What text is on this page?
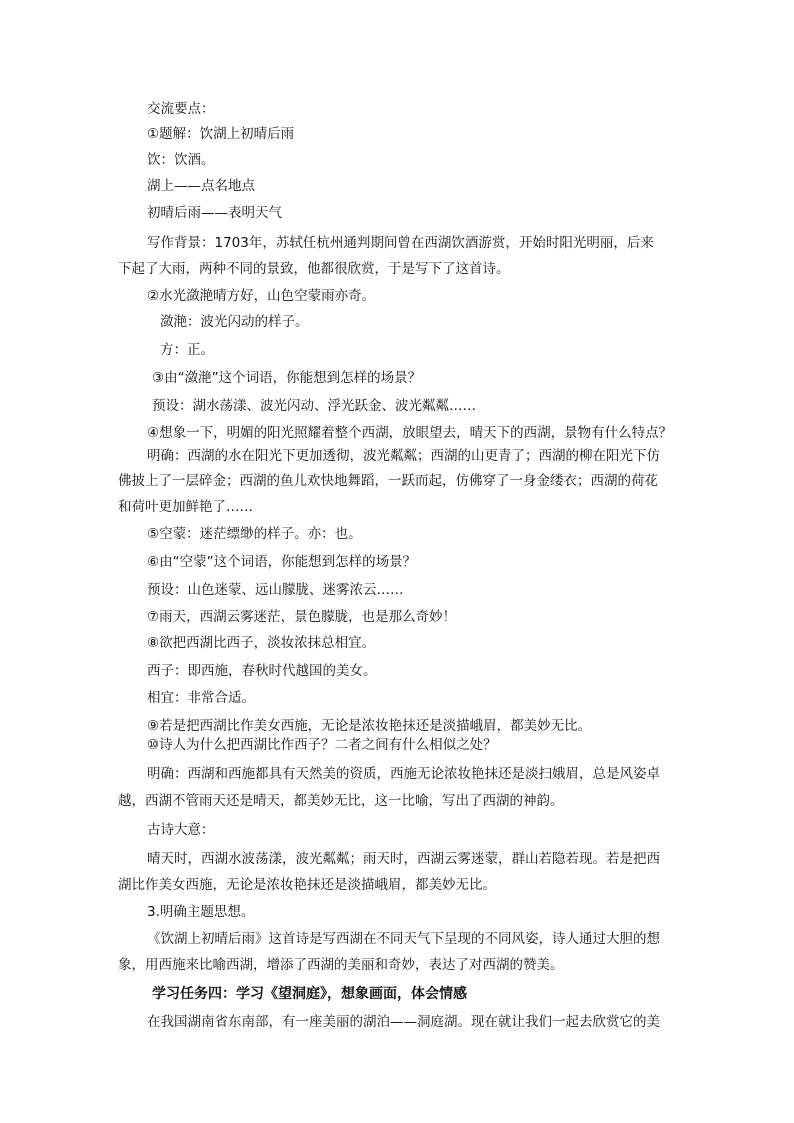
交流要点：
①题解：饮湖上初晴后雨
饮：饮酒。
湖上——点名地点
初晴后雨——表明天气
写作背景：1703年，苏轼任杭州通判期间曾在西湖饮酒游赏，开始时阳光明丽，后来
下起了大雨，两种不同的景致，他都很欣赏，于是写下了这首诗。
②水光潋滟晴方好，山色空蒙雨亦奇。
潋滟：波光闪动的样子。
方：正。
③由“潋滟”这个词语，你能想到怎样的场景？
预设：湖水荡漾、波光闪动、浮光跃金、波光粼粼……
④想象一下，明媚的阳光照耀着整个西湖，放眼望去，晴天下的西湖，景物有什么特点？
明确：西湖的水在阳光下更加透彻，波光粼粼；西湖的山更青了；西湖的柳在阳光下仿
佛披上了一层碎金；西湖的鱼儿欢快地舞蹈，一跃而起，仿佛穿了一身金缕衣；西湖的荷花
和荷叶更加鲜艳了……
⑤空蒙：迷茫缥缈的样子。亦：也。
⑥由“空蒙”这个词语，你能想到怎样的场景？
预设：山色迷蒙、远山朦胧、迷雾浓云……
⑦雨天，西湖云雾迷茫，景色朦胧，也是那么奇妙！
⑧欲把西湖比西子，淡妆浓抹总相宜。
西子：即西施，春秋时代越国的美女。
相宜：非常合适。
⑨若是把西湖比作美女西施，无论是浓妆艳抹还是淡描峨眉，都美妙无比。
⑩诗人为什么把西湖比作西子？二者之间有什么相似之处？
明确：西湖和西施都具有天然美的资质，西施无论浓妆艳抹还是淡扫娥眉，总是风姿卓
越，西湖不管雨天还是晴天，都美妙无比，这一比喻，写出了西湖的神韵。
古诗大意：
晴天时，西湖水波荡漾，波光粼粼；雨天时，西湖云雾迷蒙，群山若隐若现。若是把西
湖比作美女西施，无论是浓妆艳抹还是淡描峨眉，都美妙无比。
3.明确主题思想。
《饮湖上初晴后雨》这首诗是写西湖在不同天气下呈现的不同风姿，诗人通过大胆的想
象，用西施来比喻西湖，增添了西湖的美丽和奇妙，表达了对西湖的赞美。
学习任务四：学习《望洞庭》，想象画面，体会情感
在我国湖南省东南部，有一座美丽的湖泊——洞庭湖。现在就让我们一起去欣赏它的美
